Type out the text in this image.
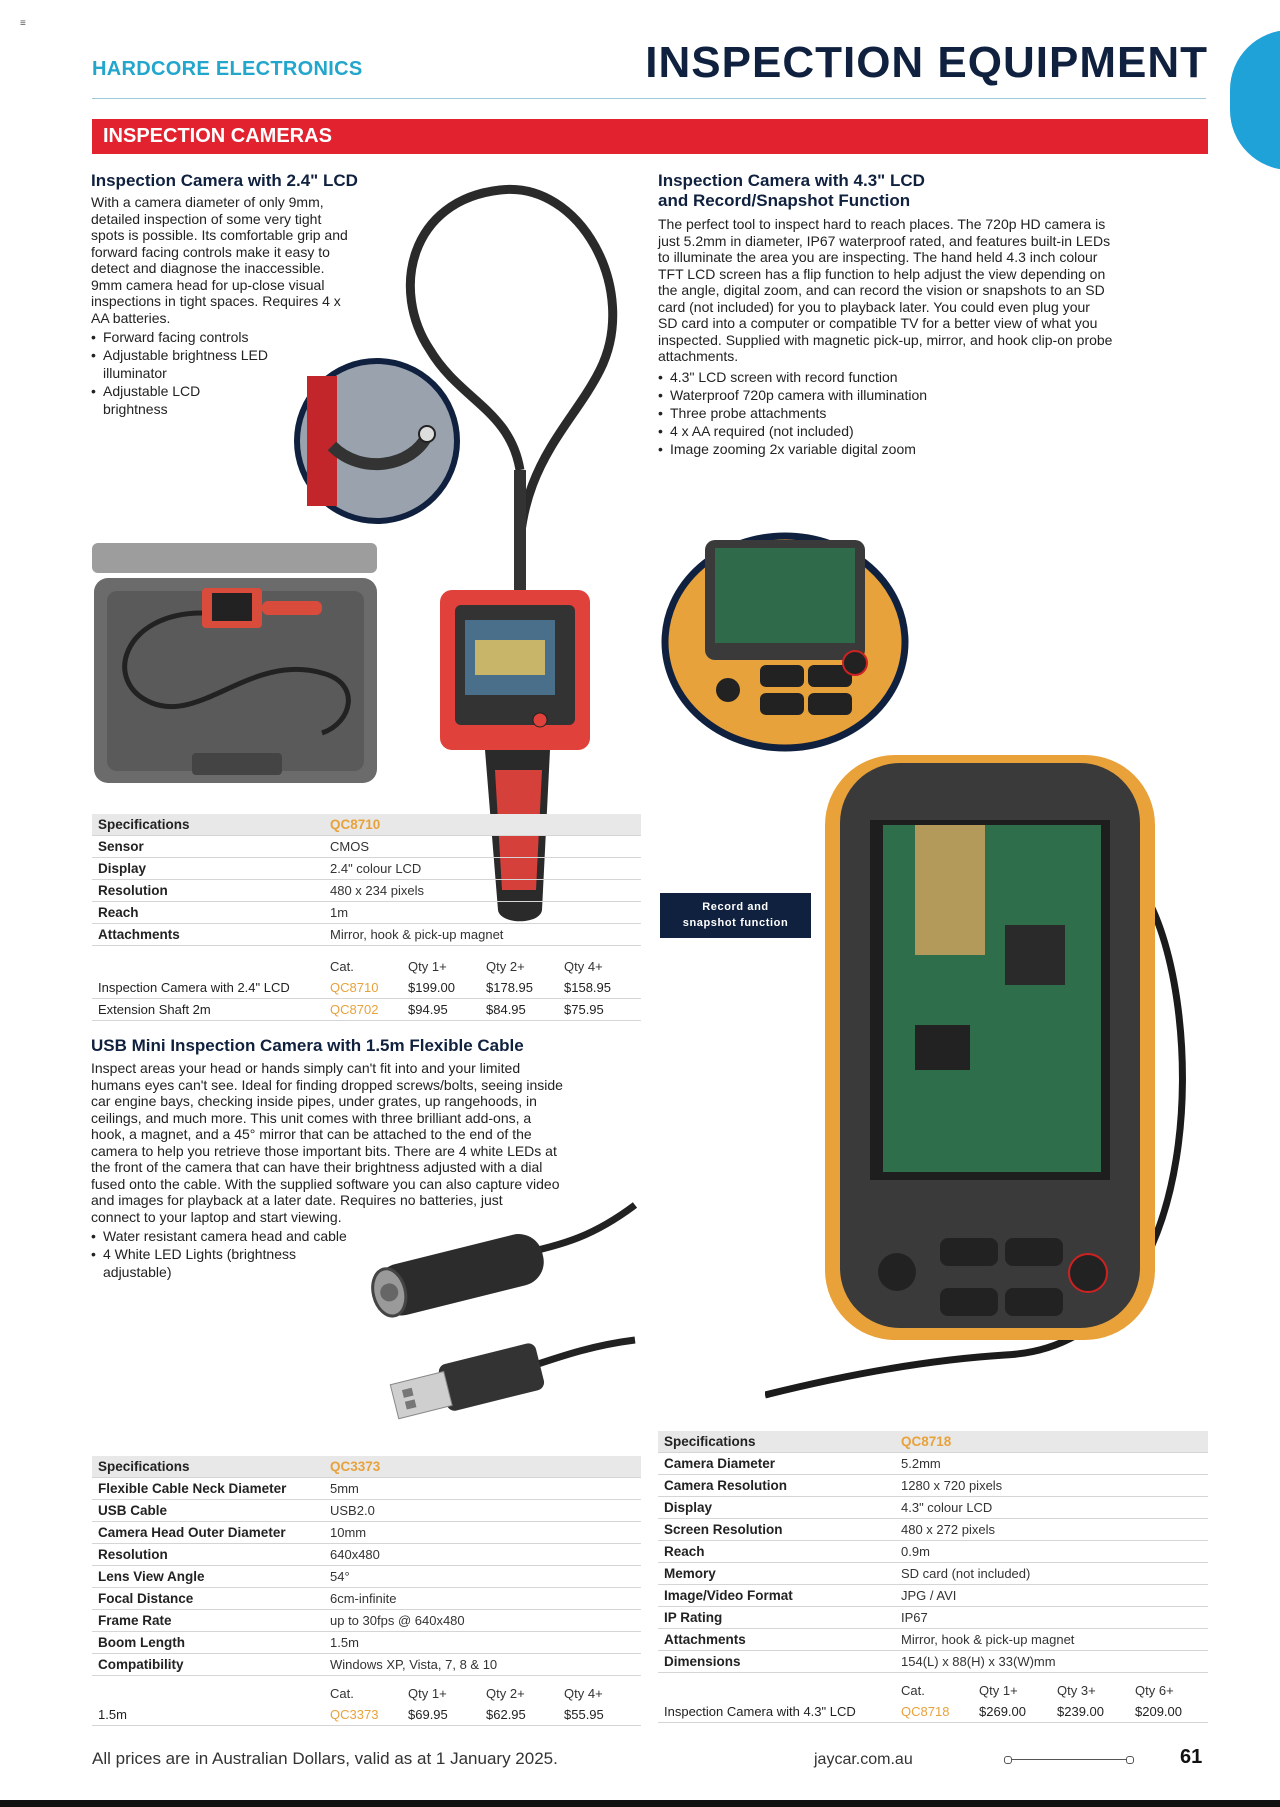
≡
HARDCORE ELECTRONICS	INSPECTION EQUIPMENT
INSPECTION CAMERAS
Inspection Camera with 2.4" LCD

With a camera diameter of only 9mm,

detailed inspection of some very tight

spots is possible. Its comfortable grip and

forward facing controls make it easy to

detect and diagnose the inaccessible.

9mm camera head for up-close visual

inspections in tight spaces. Requires 4 x

AA batteries.

• Forward facing controls
• Adjustable brightness LED illuminator
• Adjustable LCD brightness
Specifications	QC8710
Sensor	CMOS
Display	2.4" colour LCD
Resolution	480 x 234 pixels
Reach	1m
Attachments	Mirror, hook & pick-up magnet
	Cat.	Qty 1+	Qty 2+	Qty 4+
Inspection Camera with 2.4" LCD	QC8710	$199.00	$178.95	$158.95
Extension Shaft 2m	QC8702	$94.95	$84.95	$75.95
USB Mini Inspection Camera with 1.5m Flexible Cable

Inspect areas your head or hands simply can't fit into and your limited

humans eyes can't see. Ideal for finding dropped screws/bolts, seeing inside

car engine bays, checking inside pipes, under grates, up rangehoods, in

ceilings, and much more. This unit comes with three brilliant add-ons, a

hook, a magnet, and a 45° mirror that can be attached to the end of the

camera to help you retrieve those important bits. There are 4 white LEDs at

the front of the camera that can have their brightness adjusted with a dial

fused onto the cable. With the supplied software you can also capture video

and images for playback at a later date. Requires no batteries, just

connect to your laptop and start viewing.

• Water resistant camera head and cable
• 4 White LED Lights (brightness adjustable)
Specifications	QC3373
Flexible Cable Neck Diameter	5mm
USB Cable	USB2.0
Camera Head Outer Diameter	10mm
Resolution	640x480
Lens View Angle	54°
Focal Distance	6cm-infinite
Frame Rate	up to 30fps @ 640x480
Boom Length	1.5m
Compatibility	Windows XP, Vista, 7, 8 & 10
	Cat.	Qty 1+	Qty 2+	Qty 4+
1.5m	QC3373	$69.95	$62.95	$55.95
Inspection Camera with 4.3" LCD
and Record/Snapshot Function

The perfect tool to inspect hard to reach places. The 720p HD camera is

just 5.2mm in diameter, IP67 waterproof rated, and features built-in LEDs

to illuminate the area you are inspecting. The hand held 4.3 inch colour

TFT LCD screen has a flip function to help adjust the view depending on

the angle, digital zoom, and can record the vision or snapshots to an SD

card (not included) for you to playback later. You could even plug your

SD card into a computer or compatible TV for a better view of what you

inspected. Supplied with magnetic pick-up, mirror, and hook clip-on probe

attachments.

• 4.3" LCD screen with record function
• Waterproof 720p camera with illumination
• Three probe attachments
• 4 x AA required (not included)
• Image zooming 2x variable digital zoom
Record and
snapshot function
Specifications	QC8718
Camera Diameter	5.2mm
Camera Resolution	1280 x 720 pixels
Display	4.3" colour LCD
Screen Resolution	480 x 272 pixels
Reach	0.9m
Memory	SD card (not included)
Image/Video Format	JPG / AVI
IP Rating	IP67
Attachments	Mirror, hook & pick-up magnet
Dimensions	154(L) x 88(H) x 33(W)mm
	Cat.	Qty 1+	Qty 3+	Qty 6+
Inspection Camera with 4.3" LCD	QC8718	$269.00	$239.00	$209.00
All prices are in Australian Dollars, valid as at 1 January 2025.	jaycar.com.au	61
